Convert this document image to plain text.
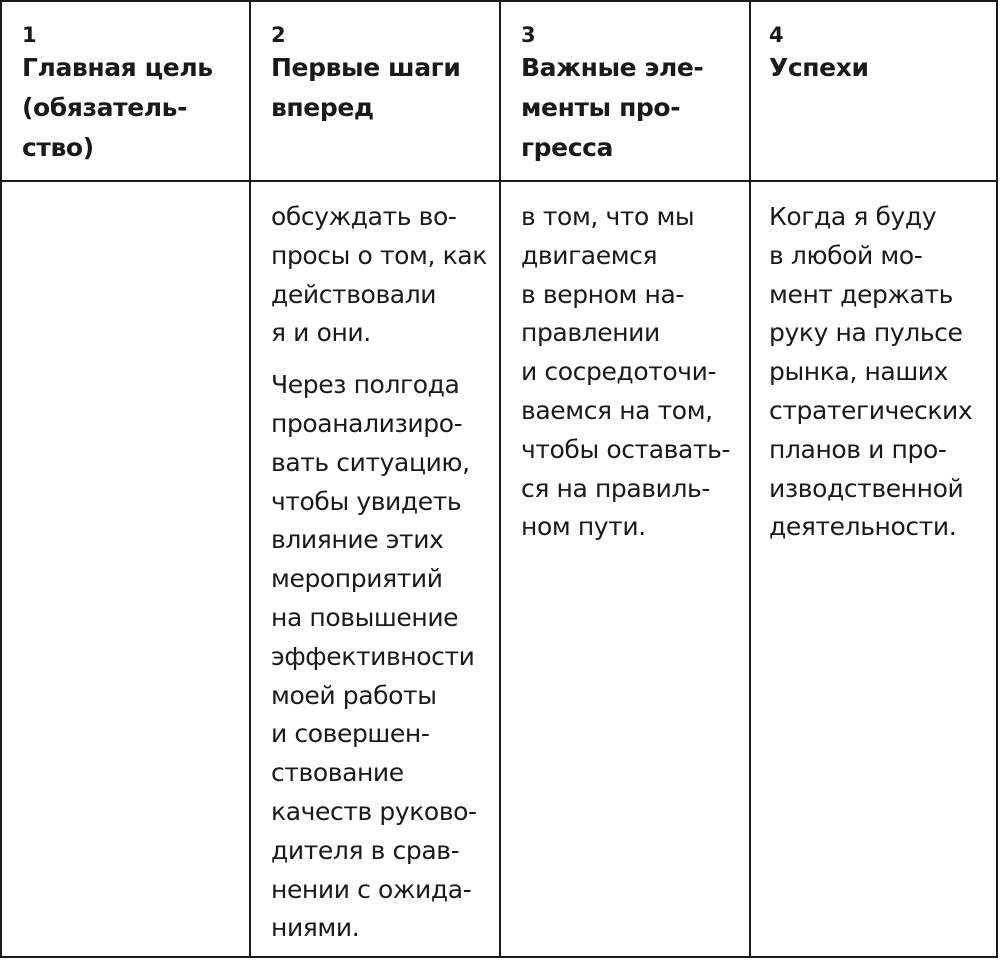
1
Главная цель
(обязатель-
ство)
2
Первые шаги
вперед
3
Важные эле-
менты про-
гресса
4
Успехи
обсуждать во-
просы о том, как
действовали
я и они.
Через полгода
проанализиро-
вать ситуацию,
чтобы увидеть
влияние этих
мероприятий
на повышение
эффективности
моей работы
и совершен-
ствование
качеств руково-
дителя в срав-
нении с ожида-
ниями.
в том, что мы
двигаемся
в верном на-
правлении
и сосредоточи-
ваемся на том,
чтобы оставать-
ся на правиль-
ном пути.
Когда я буду
в любой мо-
мент держать
руку на пульсе
рынка, наших
стратегических
планов и про-
изводственной
деятельности.
